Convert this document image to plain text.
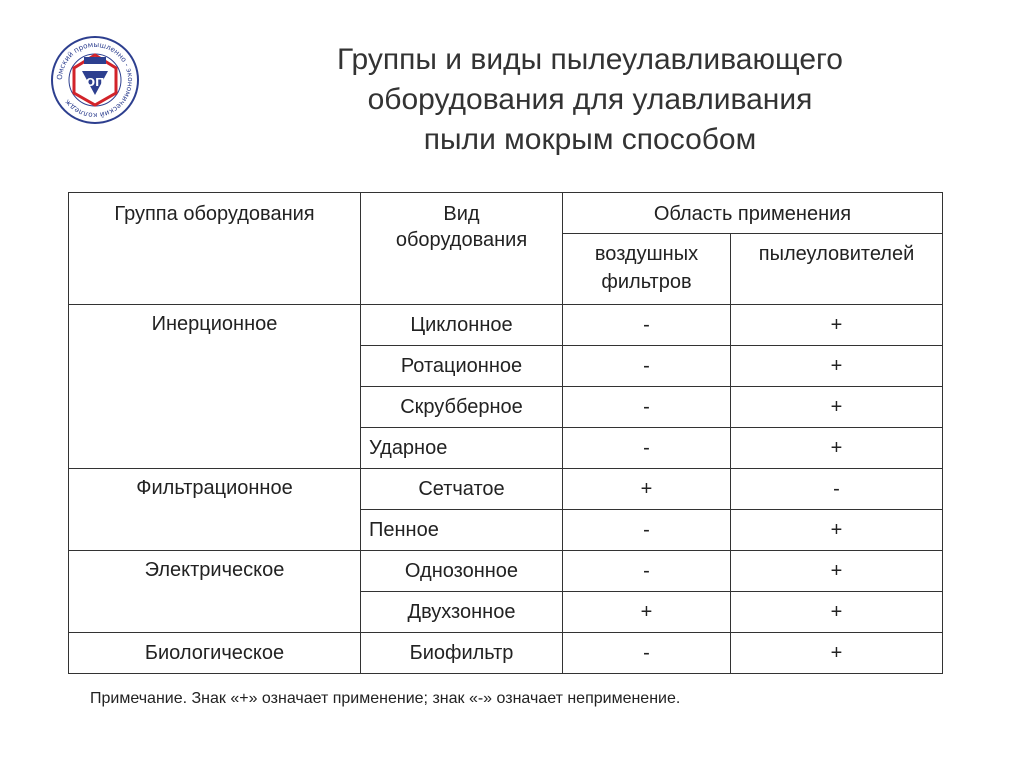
Омский промышленно - экономический колледж
ОП
Группы и виды пылеулавливающего
оборудования для улавливания
пыли мокрым способом
Группа оборудования	Вид оборудования	Область применения	
		воздушных фильтров	пылеуловителей
Инерционное	Циклонное	-	+
	Ротационное	-	+
	Скрубберное	-	+
	Ударное	-	+
Фильтрационное	Сетчатое	+	-
	Пенное	-	+
Электрическое	Однозонное	-	+
	Двухзонное	+	+
Биологическое	Биофильтр	-	+
Примечание. Знак «+» означает применение; знак «-» означает неприменение.
